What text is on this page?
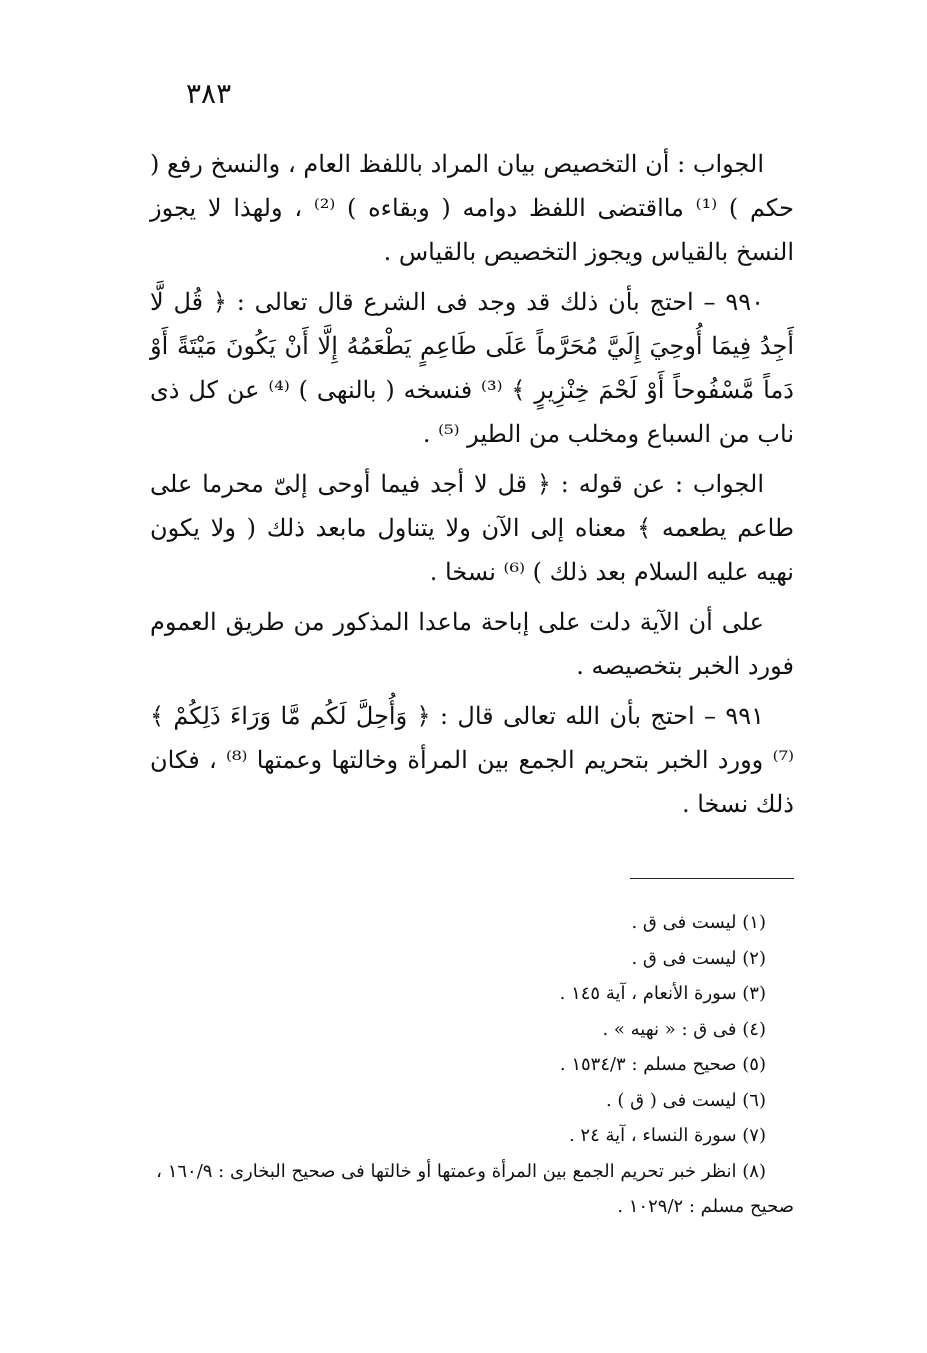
٣٨٣

الجواب : أن التخصيص بيان المراد باللفظ العام ، والنسخ رفع ( حكم ) ⁽¹⁾ مااقتضى اللفظ دوامه ( وبقاءه ) ⁽²⁾ ، ولهذا لا يجوز النسخ بالقياس ويجوز التخصيص بالقياس .

٩٩٠ – احتج بأن ذلك قد وجد فى الشرع قال تعالى : ﴿ قُل لَّا أَجِدُ فِيمَا أُوحِيَ إِلَيَّ مُحَرَّماً عَلَى طَاعِمٍ يَطْعَمُهُ إِلَّا أَنْ يَكُونَ مَيْتَةً أَوْ دَماً مَّسْفُوحاً أَوْ لَحْمَ خِنْزِيرٍ ﴾ ⁽³⁾ فنسخه ( بالنهى ) ⁽⁴⁾ عن كل ذى ناب من السباع ومخلب من الطير ⁽⁵⁾ .

الجواب : عن قوله : ﴿ قل لا أجد فيما أوحى إلىّ محرما على طاعم يطعمه ﴾ معناه إلى الآن ولا يتناول مابعد ذلك ( ولا يكون نهيه عليه السلام بعد ذلك ) ⁽⁶⁾ نسخا .

على أن الآية دلت على إباحة ماعدا المذكور من طريق العموم فورد الخبر بتخصيصه .

٩٩١ – احتج بأن الله تعالى قال : ﴿ وَأُحِلَّ لَكُم مَّا وَرَاءَ ذَلِكُمْ ﴾ ⁽⁷⁾ وورد الخبر بتحريم الجمع بين المرأة وخالتها وعمتها ⁽⁸⁾ ، فكان ذلك نسخا .

(١) ليست فى ق .
(٢) ليست فى ق .
(٣) سورة الأنعام ، آية ١٤٥ .
(٤) فى ق : « نهيه » .
(٥) صحيح مسلم : ١٥٣٤/٣ .
(٦) ليست فى ( ق ) .
(٧) سورة النساء ، آية ٢٤ .
(٨) انظر خبر تحريم الجمع بين المرأة وعمتها أو خالتها فى صحيح البخارى : ١٦٠/٩ ، صحيح مسلم : ١٠٢٩/٢ .
